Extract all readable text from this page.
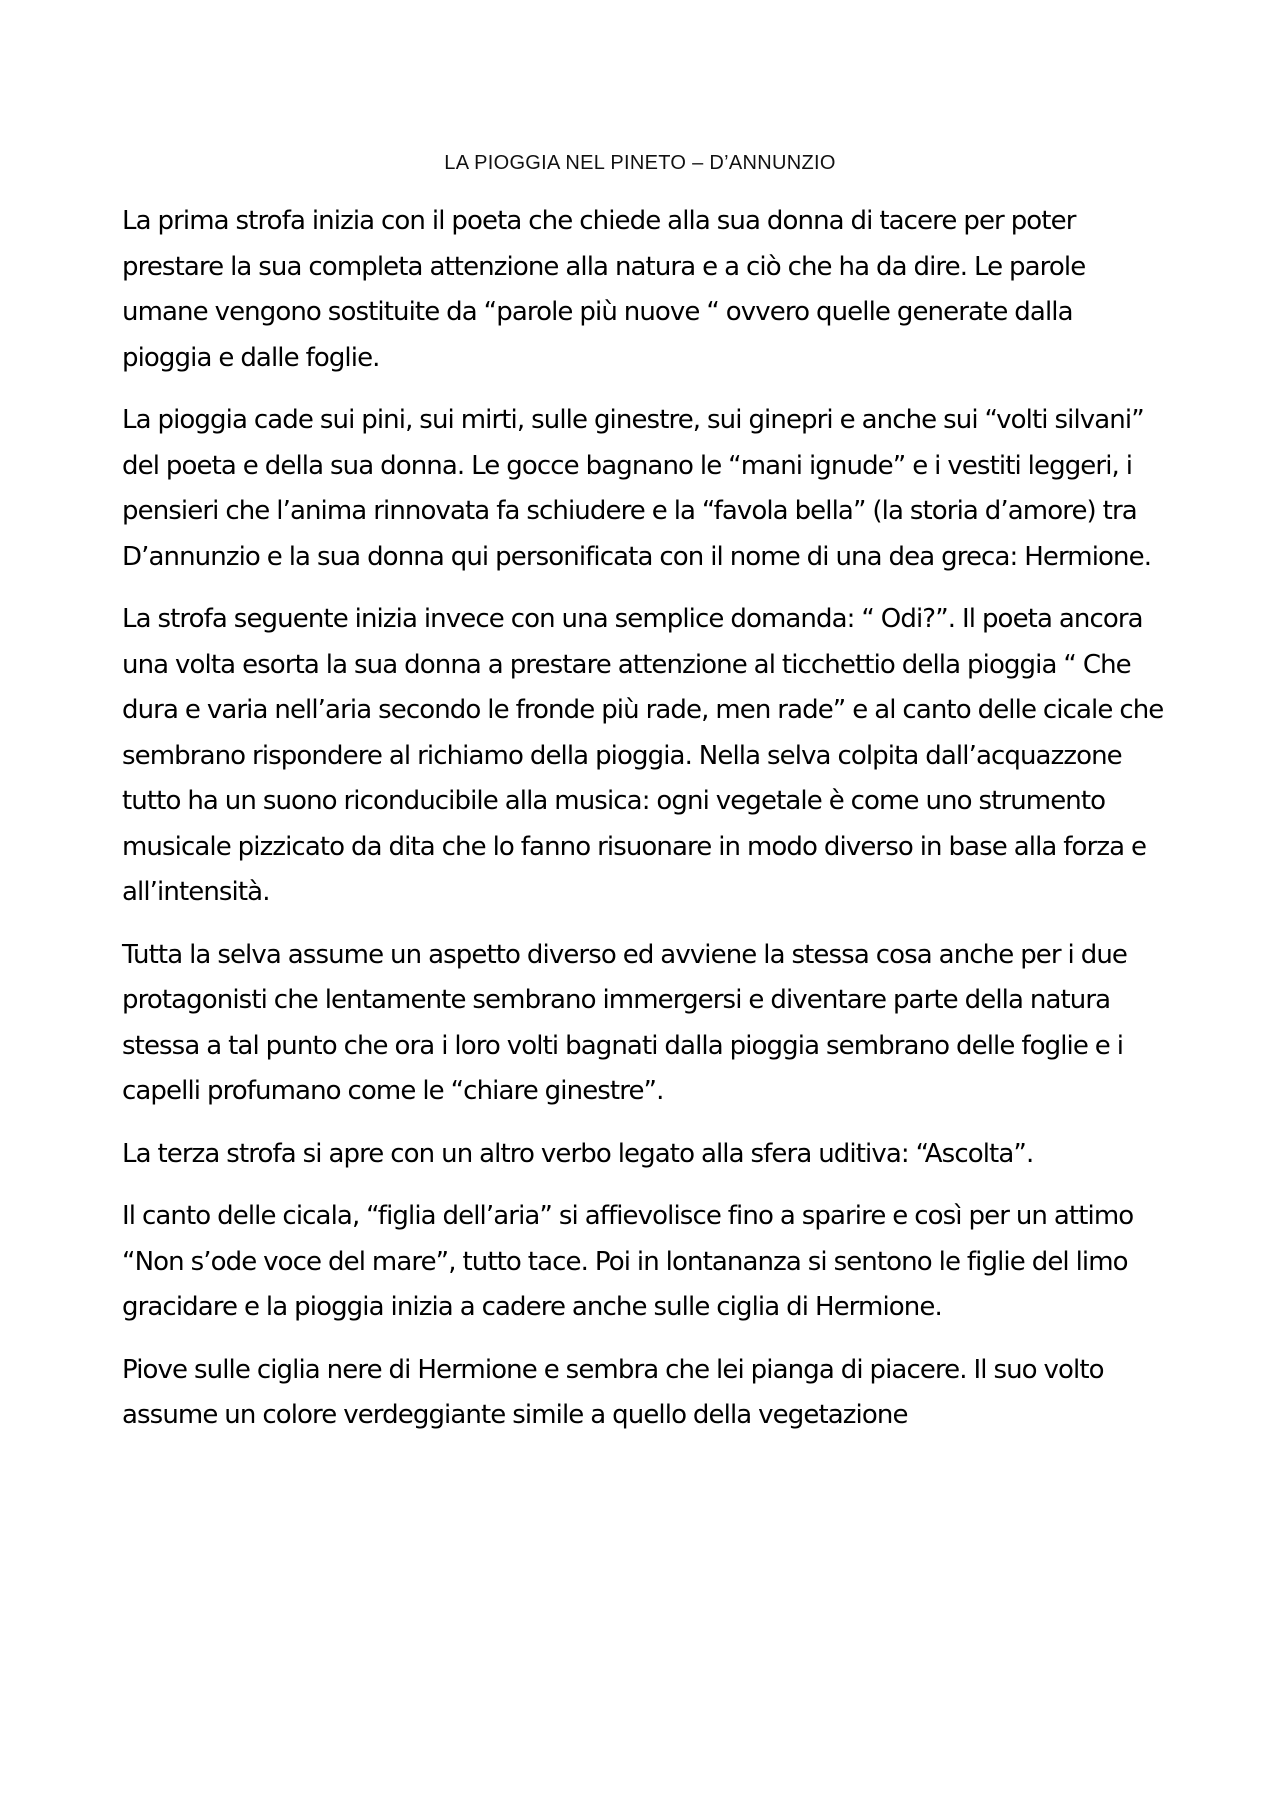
LA PIOGGIA NEL PINETO – D’ANNUNZIO

La prima strofa inizia con il poeta che chiede alla sua donna di tacere per poter prestare la sua completa attenzione alla natura e a ciò che ha da dire. Le parole umane vengono sostituite da “parole più nuove “ ovvero quelle generate dalla pioggia e dalle foglie.

La pioggia cade sui pini, sui mirti, sulle ginestre, sui ginepri e anche sui “volti silvani” del poeta e della sua donna. Le gocce bagnano le “mani ignude” e i vestiti leggeri, i pensieri che l’anima rinnovata fa schiudere e la “favola bella” (la storia d’amore) tra D’annunzio e la sua donna qui personificata con il nome di una dea greca: Hermione.

La strofa seguente inizia invece con una semplice domanda: “ Odi?”. Il poeta ancora una volta esorta la sua donna a prestare attenzione al ticchettio della pioggia “ Che dura e varia nell’aria secondo le fronde più rade, men rade” e al canto delle cicale che sembrano rispondere al richiamo della pioggia. Nella selva colpita dall’acquazzone tutto ha un suono riconducibile alla musica: ogni vegetale è come uno strumento musicale pizzicato da dita che lo fanno risuonare in modo diverso in base alla forza e all’intensità.

Tutta la selva assume un aspetto diverso ed avviene la stessa cosa anche per i due protagonisti che lentamente sembrano immergersi e diventare parte della natura stessa a tal punto che ora i loro volti bagnati dalla pioggia sembrano delle foglie e i capelli profumano come le “chiare ginestre”.

La terza strofa si apre con un altro verbo legato alla sfera uditiva: “Ascolta”.

Il canto delle cicala, “figlia dell’aria” si affievolisce fino a sparire e così per un attimo “Non s’ode voce del mare”, tutto tace. Poi in lontananza si sentono le figlie del limo gracidare e la pioggia inizia a cadere anche sulle ciglia di Hermione.

Piove sulle ciglia nere di Hermione e sembra che lei pianga di piacere. Il suo volto assume un colore verdeggiante simile a quello della vegetazione
